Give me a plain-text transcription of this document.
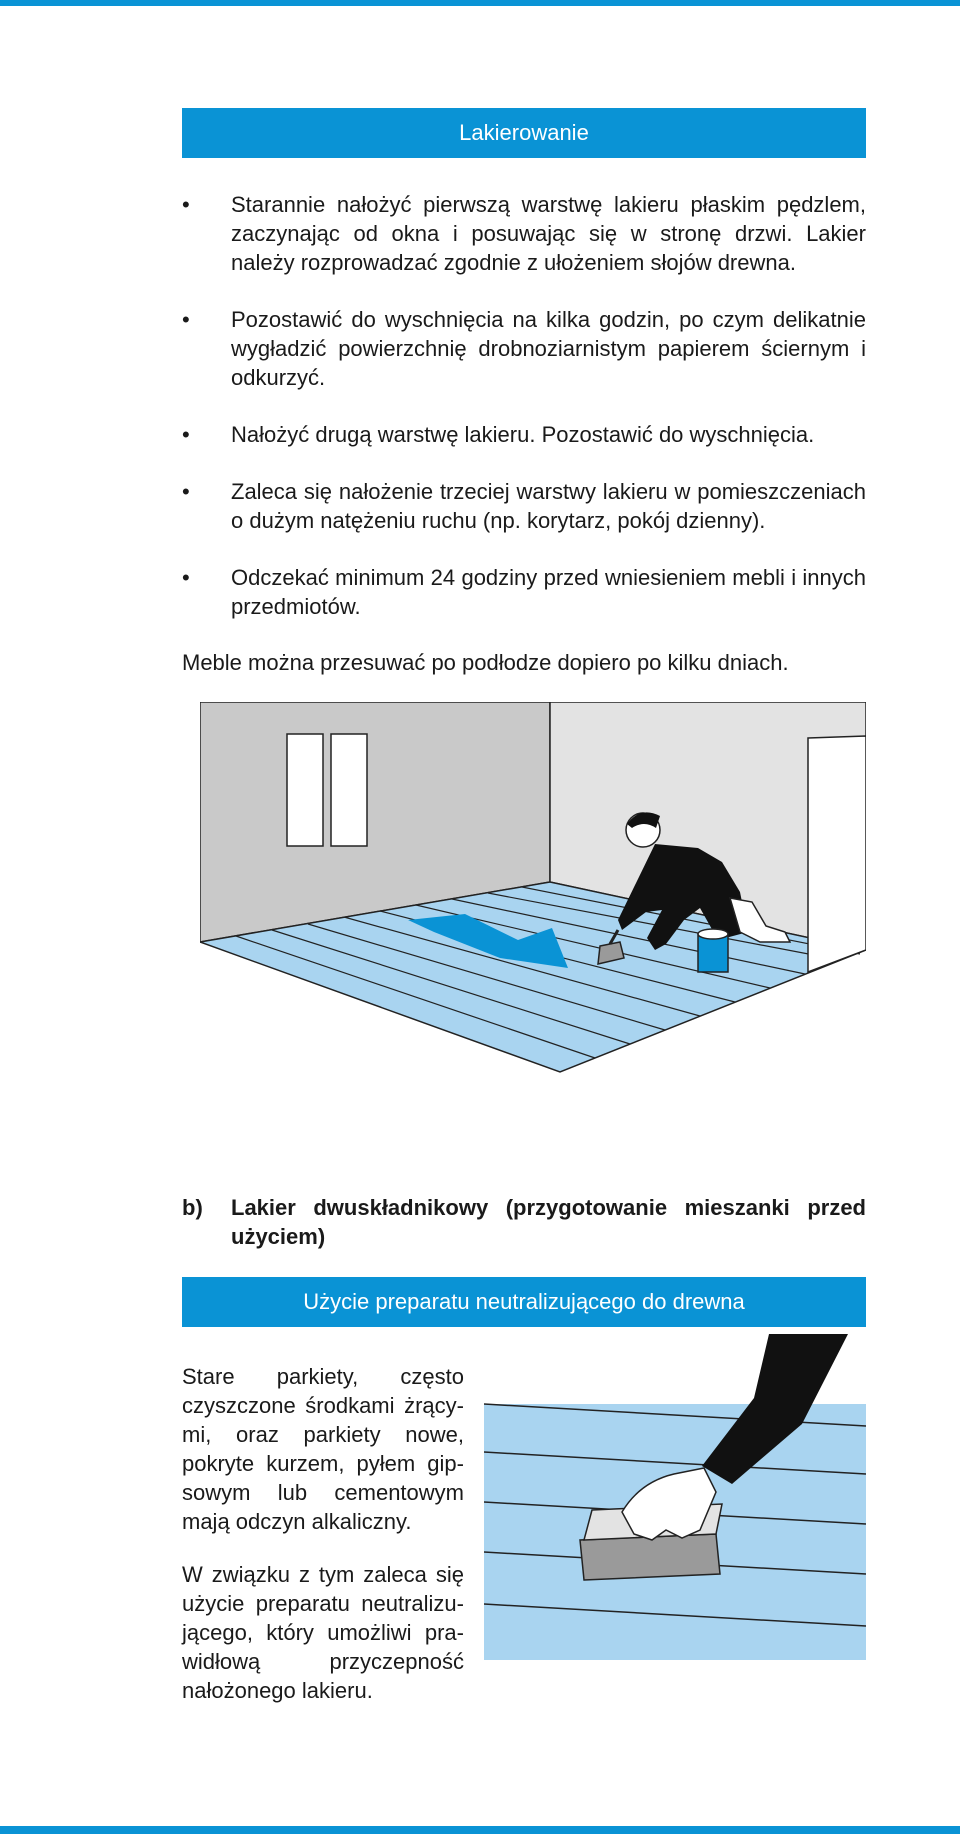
Lakierowanie
• Starannie nałożyć pierwszą warstwę lakieru płaskim pędzlem, zaczynając od okna i posuwając się w stronę drzwi. Lakier należy rozprowadzać zgodnie z ułożeniem słojów drewna.
• Pozostawić do wyschnięcia na kilka godzin, po czym delikatnie wygładzić powierzchnię drobnoziarnistym papierem ściernym i odkurzyć.
• Nałożyć drugą warstwę lakieru. Pozostawić do wyschnięcia.
• Zaleca się nałożenie trzeciej warstwy lakieru w pomieszczeniach o dużym natężeniu ruchu (np. korytarz, pokój dzienny).
• Odczekać minimum 24 godziny przed wniesieniem mebli i innych przedmiotów.
Meble można przesuwać po podłodze dopiero po kilku dniach.
b)	Lakier dwuskładnikowy (przygotowanie mieszanki przed użyciem)
Użycie preparatu neutralizującego do drewna
Stare parkiety, często czyszczone środkami żrącymi, oraz parkiety nowe, pokryte kurzem, pyłem gipsowym lub cementowym mają odczyn alkaliczny.
W związku z tym zaleca się użycie preparatu neutralizującego, który umożliwi prawidłową przyczepność nałożonego lakieru.
